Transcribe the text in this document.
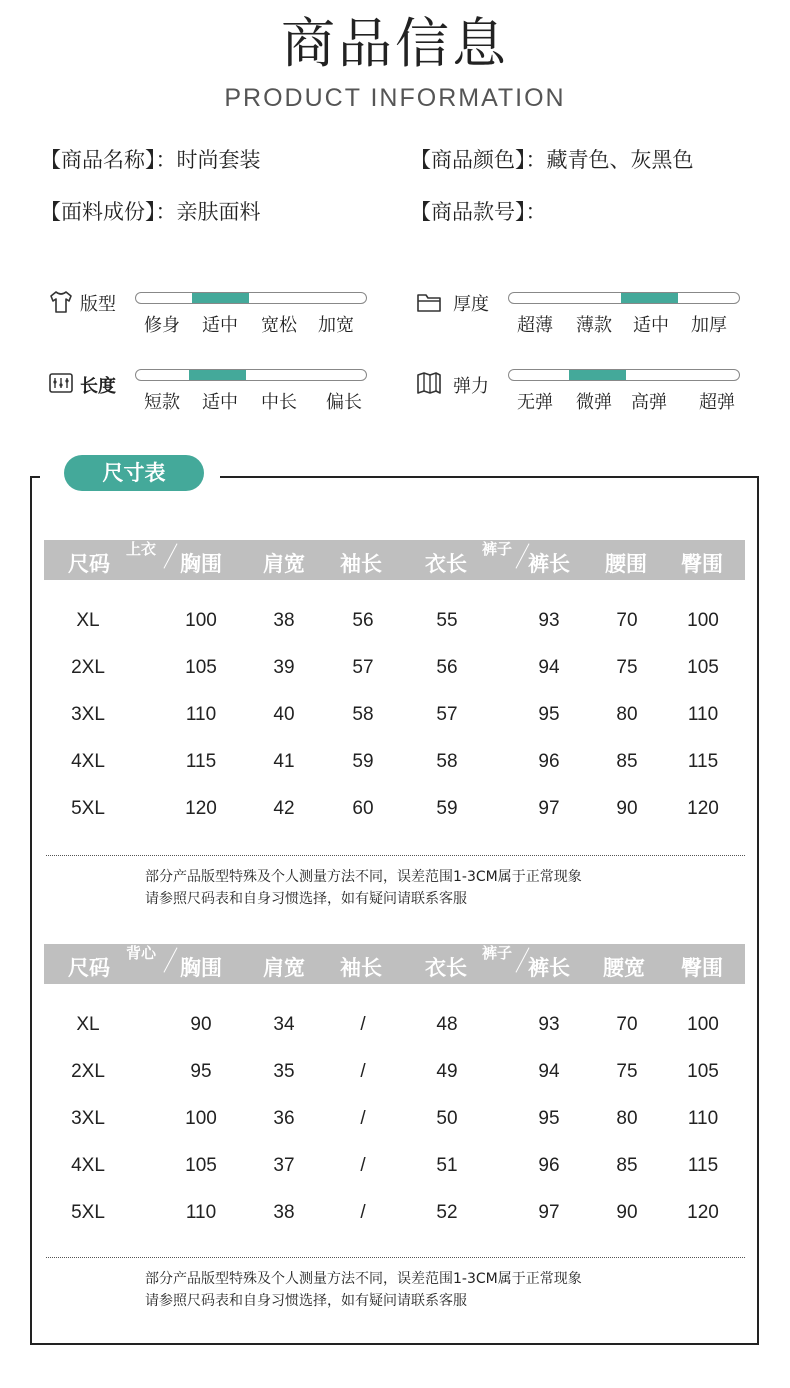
商品信息
PRODUCT INFORMATION
【商品名称】：时尚套装	【商品颜色】：藏青色、灰黑色
【面料成份】：亲肤面料	【商品款号】：
版型
修身	适中	宽松	加宽
厚度
超薄	薄款	适中	加厚
长度
短款	适中	中长	偏长
弹力
无弹	微弹	高弹	超弹
尺寸表
尺码
上衣
胸围 肩宽 袖长 衣长
裤子
裤长 腰围 臀围
XL	100	38	56	55	93	70	100
2XL	105	39	57	56	94	75	105
3XL	110	40	58	57	95	80	110
4XL	115	41	59	58	96	85	115
5XL	120	42	60	59	97	90	120
部分产品版型特殊及个人测量方法不同，误差范围1-3CM属于正常现象
请参照尺码表和自身习惯选择，如有疑问请联系客服
尺码
背心
胸围 肩宽 袖长 衣长
裤子
裤长 腰宽 臀围
XL	90	34	/	48	93	70	100
2XL	95	35	/	49	94	75	105
3XL	100	36	/	50	95	80	110
4XL	105	37	/	51	96	85	115
5XL	110	38	/	52	97	90	120
部分产品版型特殊及个人测量方法不同，误差范围1-3CM属于正常现象
请参照尺码表和自身习惯选择，如有疑问请联系客服
